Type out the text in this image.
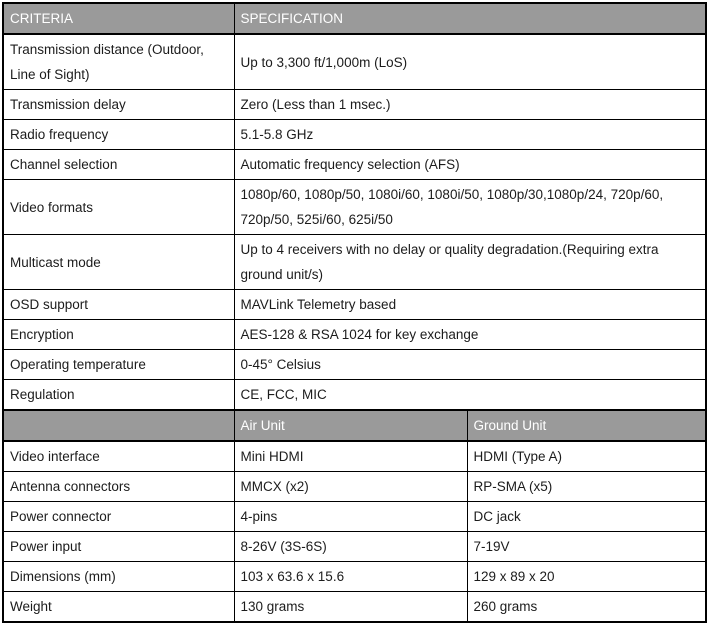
CRITERIA	SPECIFICATION	
Transmission distance (Outdoor, Line of Sight)	Up to 3,300 ft/1,000m (LoS)	
Transmission delay	Zero (Less than 1 msec.)	
Radio frequency	5.1-5.8 GHz	
Channel selection	Automatic frequency selection (AFS)	
Video formats	1080p/60, 1080p/50, 1080i/60, 1080i/50, 1080p/30,1080p/24, 720p/60, 720p/50, 525i/60, 625i/50	
Multicast mode	Up to 4 receivers with no delay or quality degradation.(Requiring extra ground unit/s)	
OSD support	MAVLink Telemetry based	
Encryption	AES-128 & RSA 1024 for key exchange	
Operating temperature	0-45° Celsius	
Regulation	CE, FCC, MIC	
	Air Unit	Ground Unit
Video interface	Mini HDMI	HDMI (Type A)
Antenna connectors	MMCX (x2)	RP-SMA (x5)
Power connector	4-pins	DC jack
Power input	8-26V (3S-6S)	7-19V
Dimensions (mm)	103 x 63.6 x 15.6	129 x 89 x 20
Weight	130 grams	260 grams
